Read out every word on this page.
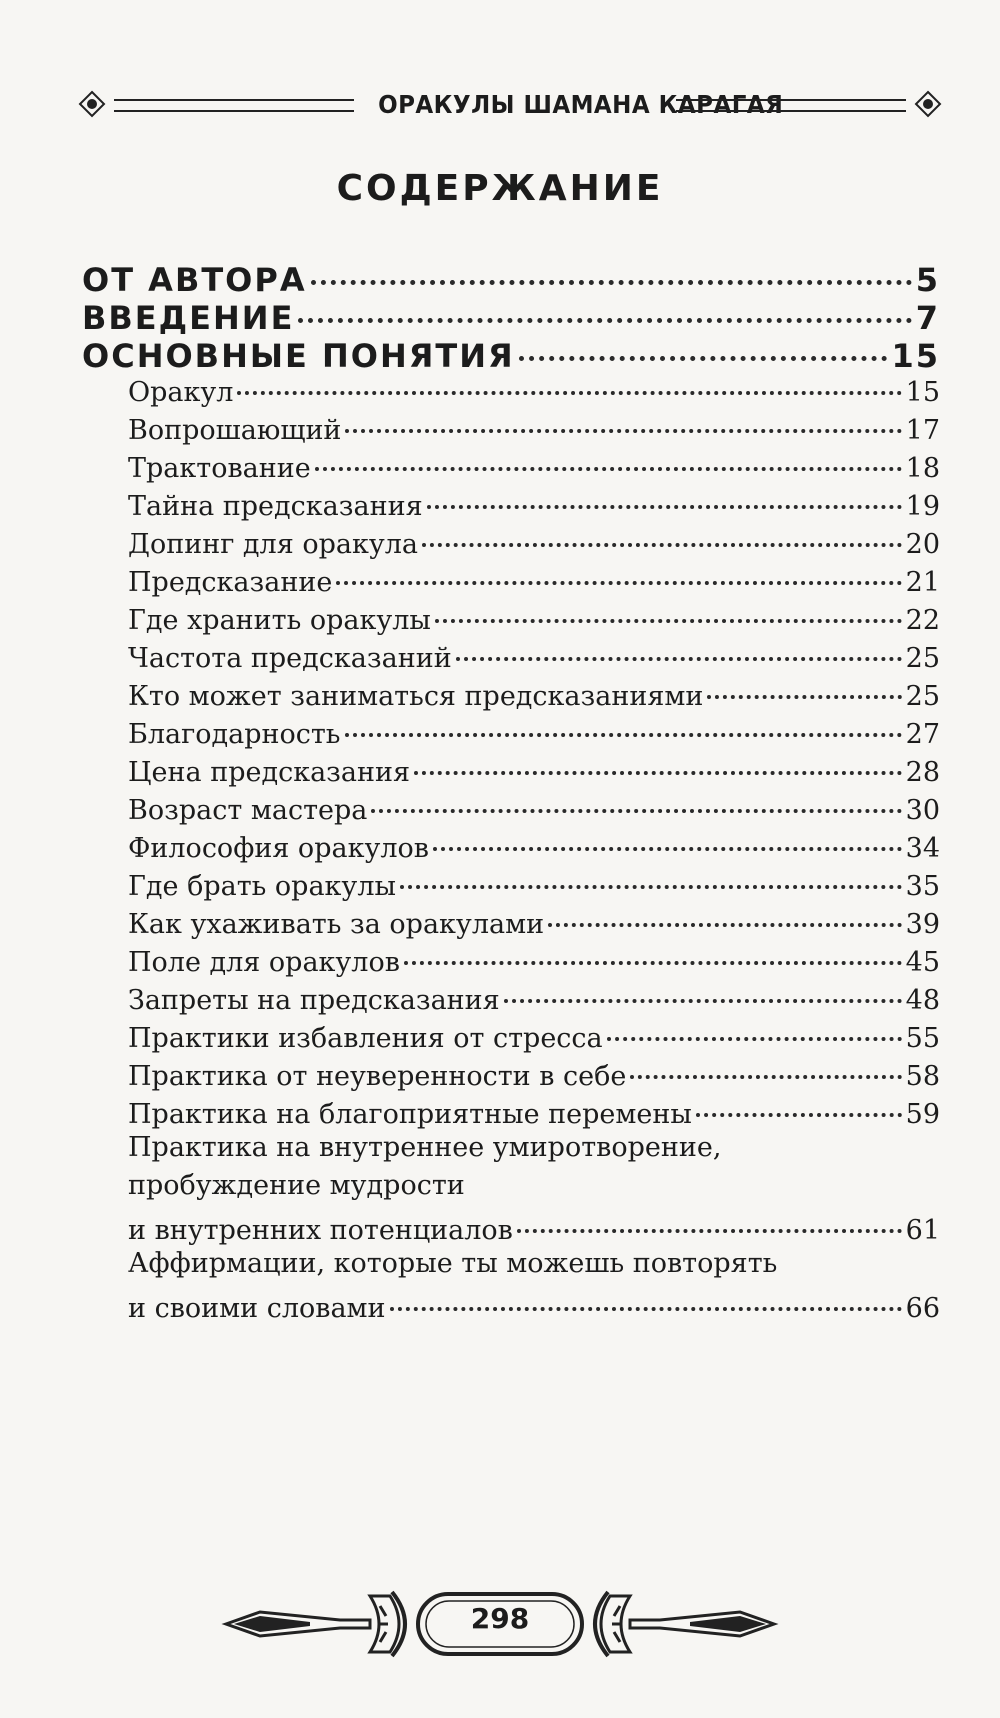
ОРАКУЛЫ ШАМАНА КАРАГАЯ
СОДЕРЖАНИЕ
ОТ АВТОРА	5
ВВЕДЕНИЕ	7
ОСНОВНЫЕ ПОНЯТИЯ	15
Оракул	15
Вопрошающий	17
Трактование	18
Тайна предсказания	19
Допинг для оракула	20
Предсказание	21
Где хранить оракулы	22
Частота предсказаний	25
Кто может заниматься предсказаниями	25
Благодарность	27
Цена предсказания	28
Возраст мастера	30
Философия оракулов	34
Где брать оракулы	35
Как ухаживать за оракулами	39
Поле для оракулов	45
Запреты на предсказания	48
Практики избавления от стресса	55
Практика от неуверенности в себе	58
Практика на благоприятные перемены	59
Практика на внутреннее умиротворение,
пробуждение мудрости
и внутренних потенциалов	61
Аффирмации, которые ты можешь повторять
и своими словами	66
298
